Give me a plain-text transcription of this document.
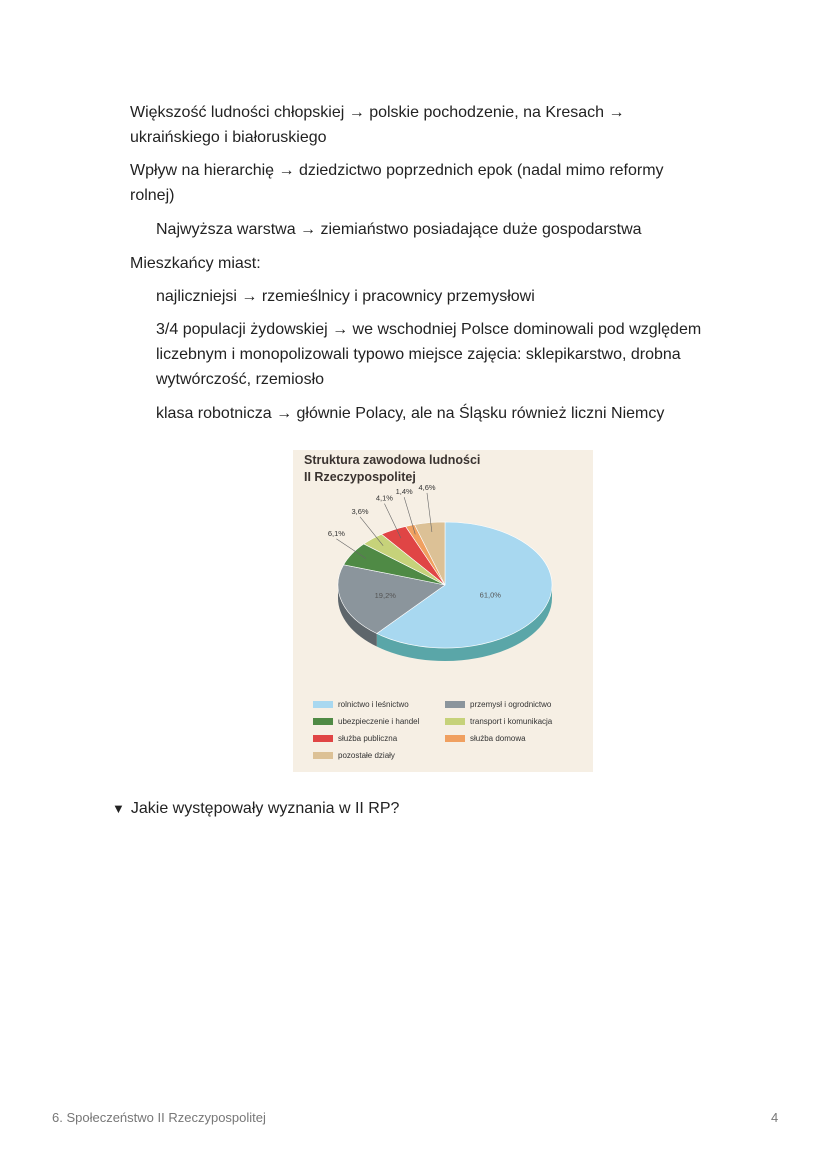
Większość ludności chłopskiej → polskie pochodzenie, na Kresach → ukraińskiego i białoruskiego
Wpływ na hierarchię → dziedzictwo poprzednich epok (nadal mimo reformy rolnej)
Najwyższa warstwa → ziemiaństwo posiadające duże gospodarstwa
Mieszkańcy miast:
najliczniejsi → rzemieślnicy i pracownicy przemysłowi
3/4 populacji żydowskiej → we wschodniej Polsce dominowali pod względem liczebnym i monopolizowali typowo miejsce zajęcia: sklepikarstwo, drobna wytwórczość, rzemiosło
klasa robotnicza → głównie Polacy, ale na Śląsku również liczni Niemcy
Struktura zawodowa ludności
II Rzeczypospolitej
61,0%
19,2%
6,1%
3,6%
4,1%
1,4% 4,6%
rolnictwo i leśnictwo
ubezpieczenie i handel
służba publiczna
pozostałe działy
przemysł i ogrodnictwo
transport i komunikacja
służba domowa
▼ Jakie występowały wyznania w II RP?
6. Społeczeństwo II Rzeczypospolitej	4
